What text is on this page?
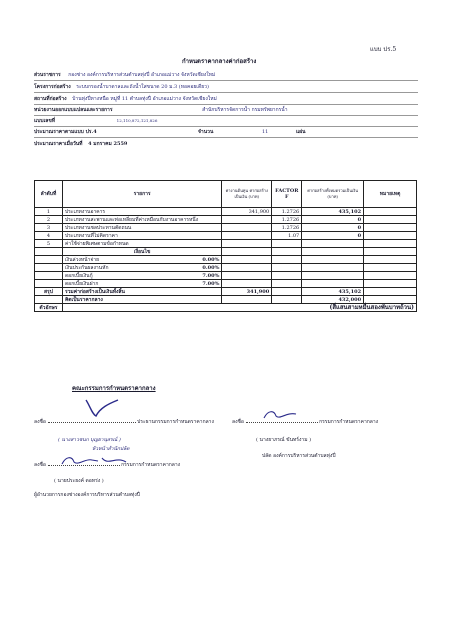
แบบ ปร.5
กำหนดราคากลางค่าก่อสร้าง
ส่วนราชการ กองช่าง องค์การบริหารส่วนตำบลทุ่งปี่ อำเภอแม่วาง จังหวัดเชียงใหม่
โครงการก่อสร้าง ระบบกรองน้ำบาดาลและถังน้ำใสขนาด 20 ม.3 (หอคอยเดียว)
สถานที่ก่อสร้าง บ้านทุ่งปี่หางหนือ หมู่ที่ 11 ตำบลทุ่งปี่ อำเภอแม่วาง จังหวัดเชียงใหม่
หน่วยงานออกแบบแปลนและรายการ	สำนักบริหารจัดการน้ำ กรมทรัพยากรน้ำ
แบบเลขที่	12,110,872,121,826
ประมาณราคาตามแบบ ปร.4	จำนวน	11	แผ่น
ประมาณราคาเมื่อวันที่ 4 มกราคม 2559
ลำดับที่	รายการ	ค่างานต้นทุน ค่าก่อสร้างเป็นเงิน (บาท)	FACTOR F	ค่าก่อสร้างทั้งหมดรวมเป็นเงิน (บาท)	หมายเหตุ
1	ประเภทงานอาคาร	341,900	1.2726	435,102	
2	ประเภทงานสะพานและท่อเหลี่ยมที่ค่าเหมือนกับงานอาคารหนึ่ง		1.2726	0	
3	ประเภทงานชลประทานตัดถนน		1.2726	0	
4	ประเภทงานที่ไม่คิดราคา		1.07	0	
5	ค่าใช้จ่ายพิเศษตามข้อกำหนด				
	เงื่อนไข				
	เงินล่วงหน้าจ่าย 0.00%				

	เงินประกันผลงานหัก 0.00%				

	ดอกเบี้ยเงินกู้ 7.00%				

	ดอกเบี้ยเงินฝาก 7.00%				

สรุป	รวมค่าก่อสร้างเป็นเงินทั้งสิ้น	341,900		435,102	
	คิดเป็นราคากลาง			432,000	
ตัวอักษร	(สี่แสนสามหมื่นสองพันบาทถ้วน)				
คณะกรรมการกำหนดราคากลาง
ลงชื่อ	ประธานกรรมการกำหนดราคากลาง
( นางสาวชนก บุญยานุสรณ์ )
หัวหน้าสำนักปลัด
ลงชื่อ	กรรมการกำหนดราคากลาง
( นางยาภรณ์ ขันทร์งาม )
ปลัด องค์การบริหารส่วนตำบลทุ่งปี่
ลงชื่อ	กรรมการกำหนดราคากลาง
( นายประยงค์ ดอทร่ง )
ผู้อำนวยการกองช่างองค์การบริหารส่วนตำบลทุ่งปี่
